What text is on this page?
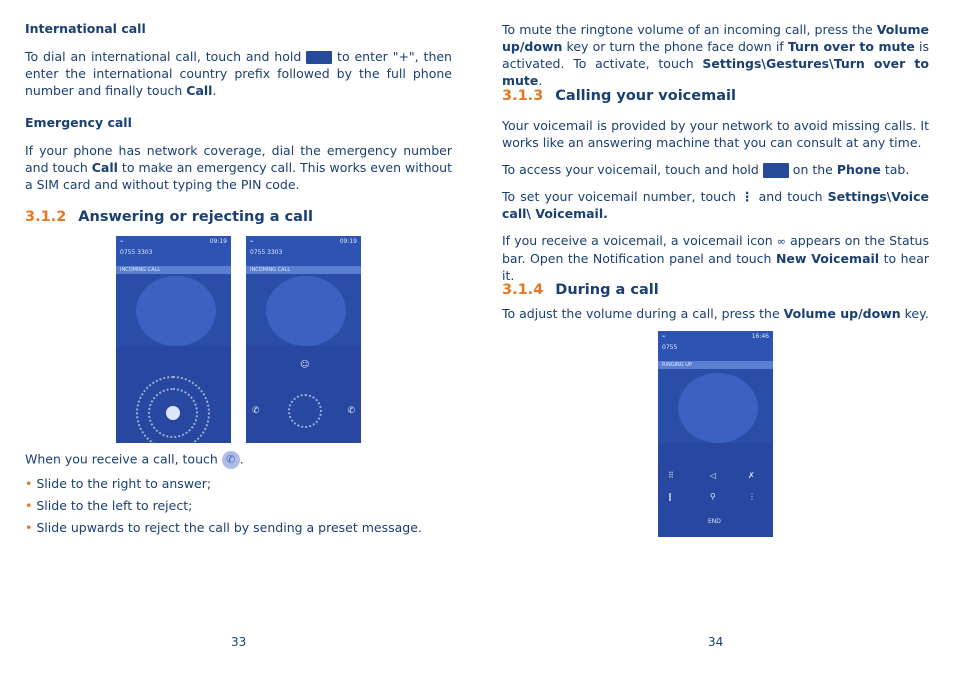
International call

To dial an international call, touch and hold	to enter "+", then enter the international country prefix followed by the full phone number and finally touch Call.

Emergency call

If your phone has network coverage, dial the emergency number and touch Call to make an emergency call. This works even without a SIM card and without typing the PIN code.

3.1.2 Answering or rejecting a call
⌁	09:19
0755 3303
INCOMING CALL
⌁	09:19
0755 3303
INCOMING CALL
☺
✆	✆
When you receive a call, touch ✆ .
• Slide to the right to answer;
• Slide to the left to reject;
• Slide upwards to reject the call by sending a preset message.
33

To mute the ringtone volume of an incoming call, press the Volume up/down key or turn the phone face down if Turn over to mute is activated. To activate, touch Settings\Gestures\Turn over to mute.

3.1.3 Calling your voicemail

Your voicemail is provided by your network to avoid missing calls. It works like an answering machine that you can consult at any time.

To access your voicemail, touch and hold	on the Phone tab.

To set your voicemail number, touch ⋮ and touch Settings\Voice call\ Voicemail.

If you receive a voicemail, a voicemail icon ∞ appears on the Status bar. Open the Notification panel and touch New Voicemail to hear it.

3.1.4 During a call

To adjust the volume during a call, press the Volume up/down key.

⌁	16:46
0755
RINGING UP
⠿	◁	✗
‖	⚲	⋮
END
34
